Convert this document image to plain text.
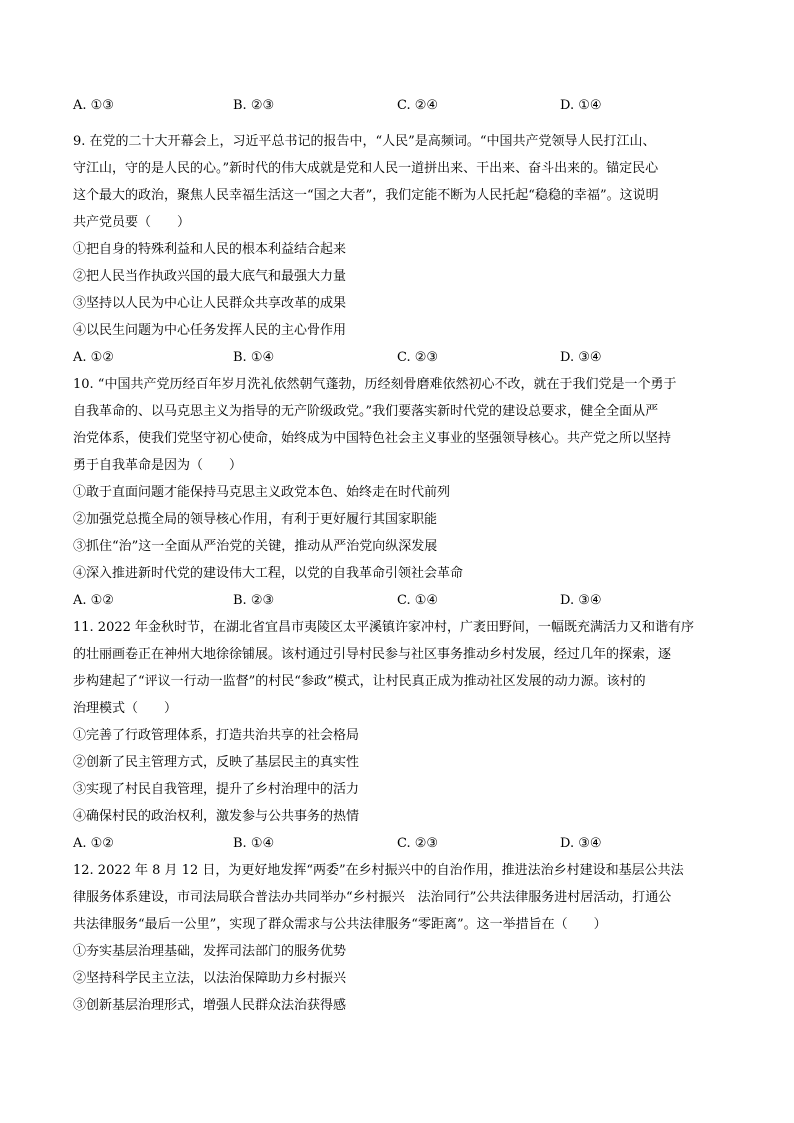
A. ①③	B. ②③	C. ②④	D. ①④
9. 在党的二十大开幕会上，习近平总书记的报告中，“人民”是高频词。“中国共产党领导人民打江山、
守江山，守的是人民的心。”新时代的伟大成就是党和人民一道拼出来、干出来、奋斗出来的。锚定民心
这个最大的政治，聚焦人民幸福生活这一“国之大者”，我们定能不断为人民托起“稳稳的幸福”。这说明
共产党员要（　　）
①把自身的特殊利益和人民的根本利益结合起来
②把人民当作执政兴国的最大底气和最强大力量
③坚持以人民为中心让人民群众共享改革的成果
④以民生问题为中心任务发挥人民的主心骨作用
A. ①②	B. ①④	C. ②③	D. ③④
10. “中国共产党历经百年岁月洗礼依然朝气蓬勃，历经刻骨磨难依然初心不改，就在于我们党是一个勇于
自我革命的、以马克思主义为指导的无产阶级政党。”我们要落实新时代党的建设总要求，健全全面从严
治党体系，使我们党坚守初心使命，始终成为中国特色社会主义事业的坚强领导核心。共产党之所以坚持
勇于自我革命是因为（　　）
①敢于直面问题才能保持马克思主义政党本色、始终走在时代前列
②加强党总揽全局的领导核心作用，有利于更好履行其国家职能
③抓住“治”这一全面从严治党的关键，推动从严治党向纵深发展
④深入推进新时代党的建设伟大工程，以党的自我革命引领社会革命
A. ①②	B. ②③	C. ①④	D. ③④
11. 2022 年金秋时节，在湖北省宜昌市夷陵区太平溪镇许家冲村，广袤田野间，一幅既充满活力又和谐有序
的壮丽画卷正在神州大地徐徐铺展。该村通过引导村民参与社区事务推动乡村发展，经过几年的探索，逐
步构建起了“评议一行动一监督”的村民“参政”模式，让村民真正成为推动社区发展的动力源。该村的
治理模式（　　）
①完善了行政管理体系，打造共治共享的社会格局
②创新了民主管理方式，反映了基层民主的真实性
③实现了村民自我管理，提升了乡村治理中的活力
④确保村民的政治权利，激发参与公共事务的热情
A. ①②	B. ①④	C. ②③	D. ③④
12. 2022 年 8 月 12 日，为更好地发挥“两委”在乡村振兴中的自治作用，推进法治乡村建设和基层公共法
律服务体系建设，市司法局联合普法办共同举办“乡村振兴　法治同行”公共法律服务进村居活动，打通公
共法律服务“最后一公里”，实现了群众需求与公共法律服务“零距离”。这一举措旨在（　　）
①夯实基层治理基础，发挥司法部门的服务优势
②坚持科学民主立法，以法治保障助力乡村振兴
③创新基层治理形式，增强人民群众法治获得感
